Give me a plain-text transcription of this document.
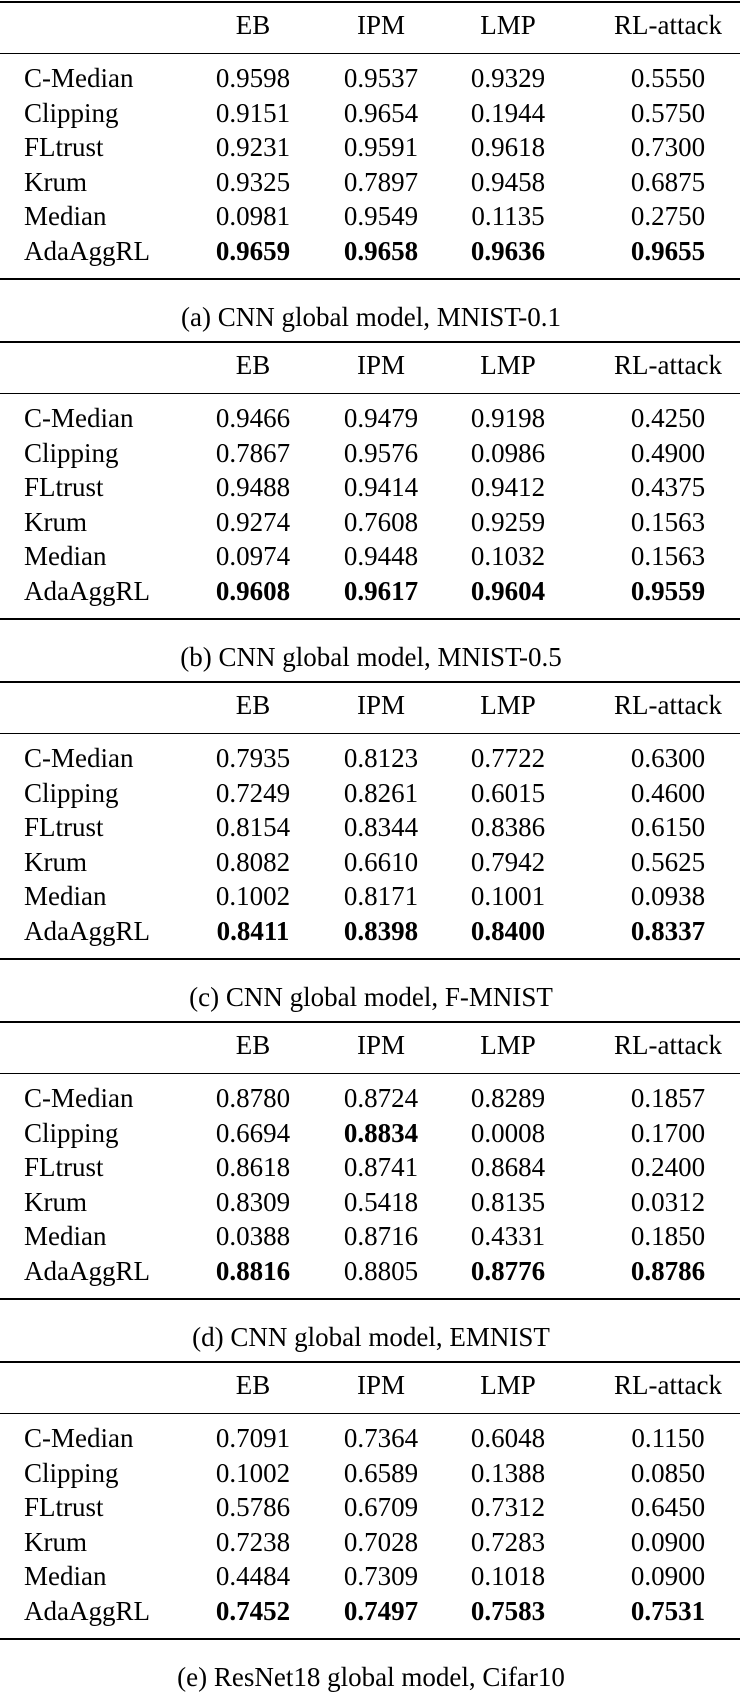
EB	IPM	LMP	RL-attack
C-Median	0.9598 0.9537 0.9329	0.5550
Clipping	0.9151 0.9654 0.1944	0.5750
FLtrust	0.9231 0.9591 0.9618	0.7300
Krum	0.9325 0.7897 0.9458	0.6875
Median	0.0981 0.9549 0.1135	0.2750
AdaAggRL 0.9659 0.9658 0.9636	0.9655
(a) CNN global model, MNIST-0.1
EB	IPM	LMP	RL-attack
C-Median	0.9466 0.9479 0.9198	0.4250
Clipping	0.7867 0.9576 0.0986	0.4900
FLtrust	0.9488 0.9414 0.9412	0.4375
Krum	0.9274 0.7608 0.9259	0.1563
Median	0.0974 0.9448 0.1032	0.1563
AdaAggRL 0.9608 0.9617 0.9604	0.9559
(b) CNN global model, MNIST-0.5
EB	IPM	LMP	RL-attack
C-Median	0.7935 0.8123 0.7722	0.6300
Clipping	0.7249 0.8261 0.6015	0.4600
FLtrust	0.8154 0.8344 0.8386	0.6150
Krum	0.8082 0.6610 0.7942	0.5625
Median	0.1002 0.8171 0.1001	0.0938
AdaAggRL 0.8411 0.8398 0.8400	0.8337
(c) CNN global model, F-MNIST
EB	IPM	LMP	RL-attack
C-Median	0.8780 0.8724 0.8289	0.1857
Clipping	0.6694 0.8834 0.0008	0.1700
FLtrust	0.8618 0.8741 0.8684	0.2400
Krum	0.8309 0.5418 0.8135	0.0312
Median	0.0388 0.8716 0.4331	0.1850
AdaAggRL 0.8816 0.8805 0.8776	0.8786
(d) CNN global model, EMNIST
EB	IPM	LMP	RL-attack
C-Median	0.7091 0.7364 0.6048	0.1150
Clipping	0.1002 0.6589 0.1388	0.0850
FLtrust	0.5786 0.6709 0.7312	0.6450
Krum	0.7238 0.7028 0.7283	0.0900
Median	0.4484 0.7309 0.1018	0.0900
AdaAggRL 0.7452 0.7497 0.7583	0.7531
(e) ResNet18 global model, Cifar10
